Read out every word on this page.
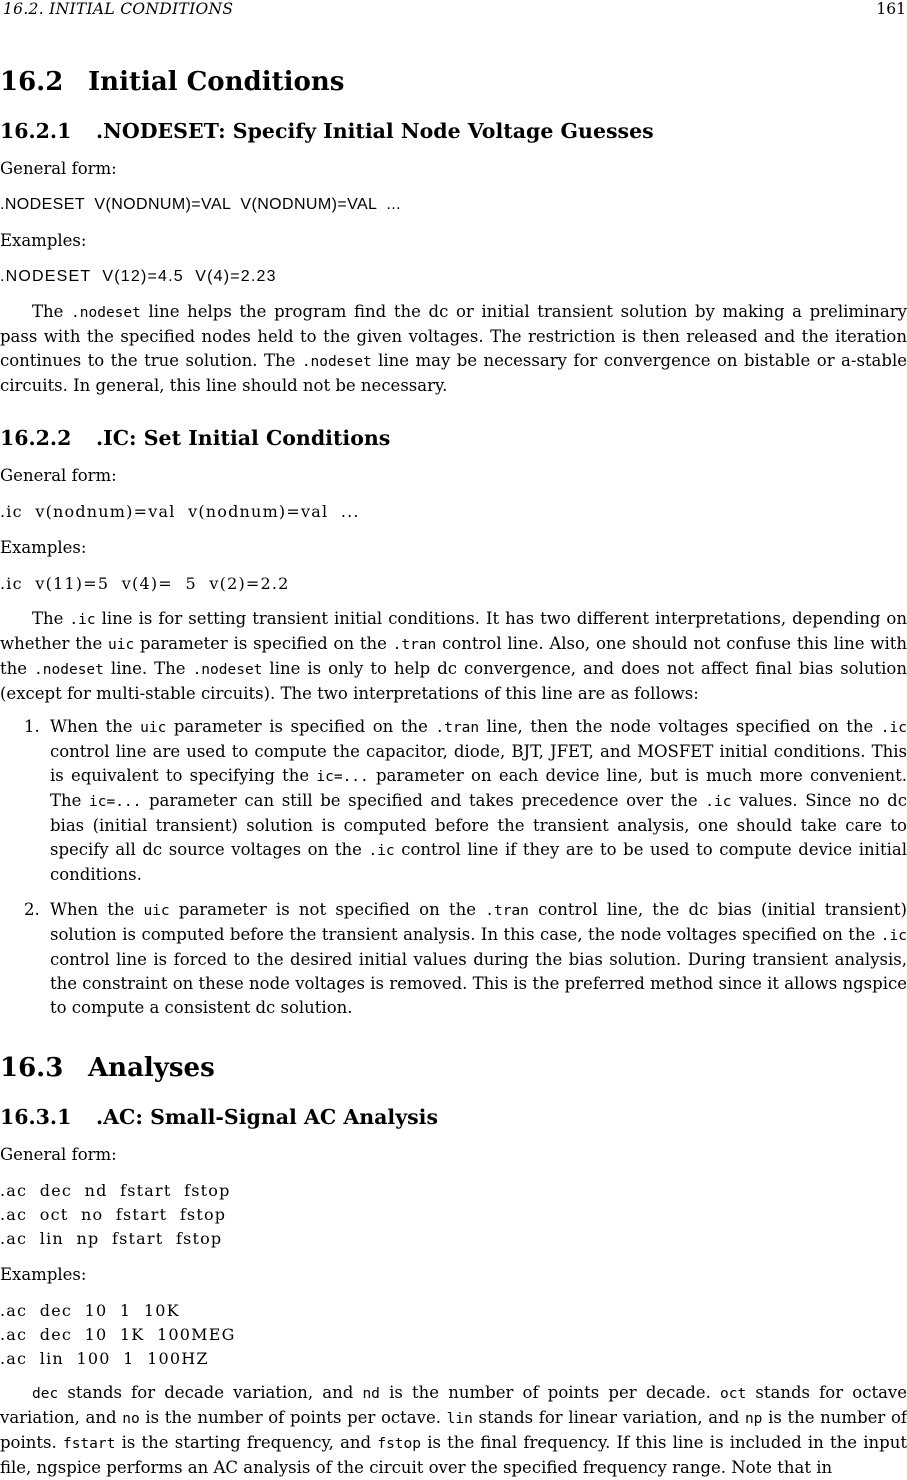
16.2. INITIAL CONDITIONS	161
16.2 Initial Conditions
16.2.1 .NODESET: Specify Initial Node Voltage Guesses

General form:

.NODESET  V(NODNUM)=VAL  V(NODNUM)=VAL  ...

Examples:

.NODESET  V(12)=4.5  V(4)=2.23

The .nodeset line helps the program find the dc or initial transient solution by making a preliminary pass with the specified nodes held to the given voltages. The restriction is then released and the iteration continues to the true solution. The .nodeset line may be necessary for convergence on bistable or a-stable circuits. In general, this line should not be necessary.

16.2.2 .IC: Set Initial Conditions

General form:

.ic  v(nodnum)=val  v(nodnum)=val  ...

Examples:

.ic  v(11)=5  v(4)=  5  v(2)=2.2

The .ic line is for setting transient initial conditions. It has two different interpretations, depending on whether the uic parameter is specified on the .tran control line. Also, one should not confuse this line with the .nodeset line. The .nodeset line is only to help dc convergence, and does not affect final bias solution (except for multi-stable circuits). The two interpretations of this line are as follows:

1. When the uic parameter is specified on the .tran line, then the node voltages specified on the .ic control line are used to compute the capacitor, diode, BJT, JFET, and MOSFET initial conditions. This is equivalent to specifying the ic=... parameter on each device line, but is much more convenient. The ic=... parameter can still be specified and takes precedence over the .ic values. Since no dc bias (initial transient) solution is computed before the transient analysis, one should take care to specify all dc source voltages on the .ic control line if they are to be used to compute device initial conditions.

2. When the uic parameter is not specified on the .tran control line, the dc bias (initial transient) solution is computed before the transient analysis. In this case, the node voltages specified on the .ic control line is forced to the desired initial values during the bias solution. During transient analysis, the constraint on these node voltages is removed. This is the preferred method since it allows ngspice to compute a consistent dc solution.

16.3 Analyses
16.3.1 .AC: Small-Signal AC Analysis

General form:

.ac  dec  nd  fstart  fstop

.ac  oct  no  fstart  fstop

.ac  lin  np  fstart  fstop

Examples:

.ac  dec  10  1  10K

.ac  dec  10  1K  100MEG

.ac  lin  100  1  100HZ

dec stands for decade variation, and nd is the number of points per decade. oct stands for octave variation, and no is the number of points per octave. lin stands for linear variation, and np is the number of points. fstart is the starting frequency, and fstop is the final frequency. If this line is included in the input file, ngspice performs an AC analysis of the circuit over the specified frequency range. Note that in
